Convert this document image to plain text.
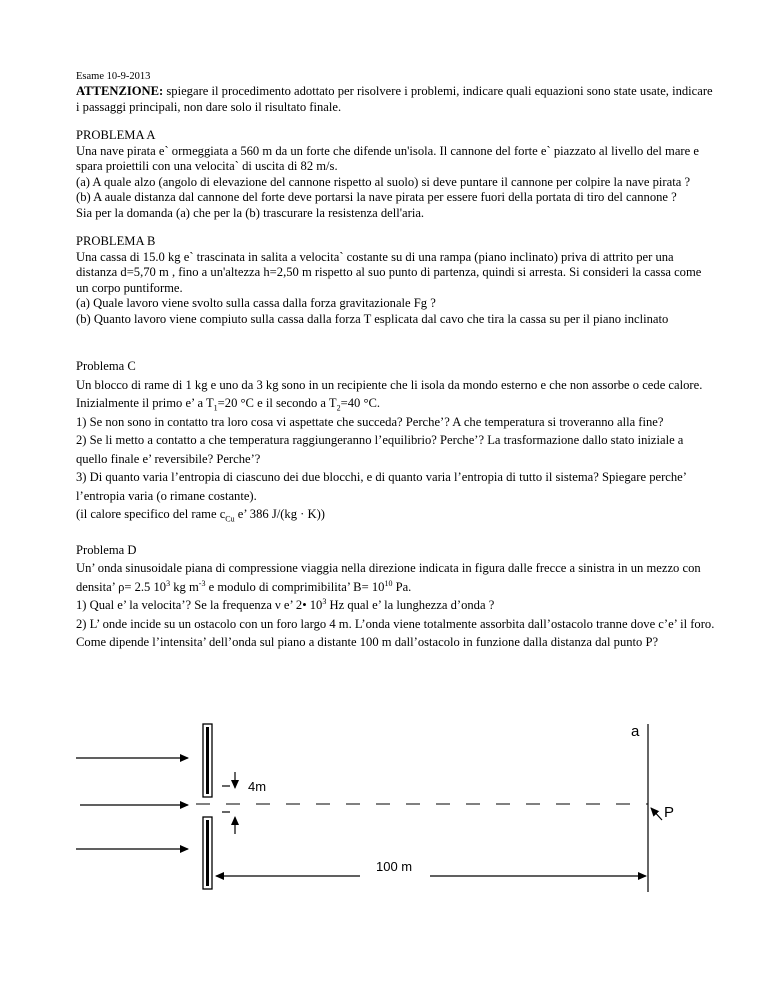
Esame 10-9-2013

ATTENZIONE: spiegare il procedimento adottato per risolvere i problemi, indicare quali equazioni sono state usate, indicare i passaggi principali, non dare solo il risultato finale.

PROBLEMA A

Una nave pirata e` ormeggiata a 560 m da un forte che difende un'isola. Il cannone del forte e` piazzato al livello del mare e spara proiettili con una velocita` di uscita di 82 m/s.

(a) A quale alzo (angolo di elevazione del cannone rispetto al suolo) si deve puntare il cannone per colpire la nave pirata ?

(b) A auale distanza dal cannone del forte deve portarsi la nave pirata per essere fuori della portata di tiro del cannone ?

Sia per la domanda (a) che per la (b) trascurare la resistenza dell'aria.

PROBLEMA B

Una cassa di 15.0 kg e` trascinata in salita a velocita` costante su di una rampa (piano inclinato) priva di attrito per una distanza d=5,70 m , fino a un'altezza h=2,50 m rispetto al suo punto di partenza, quindi si arresta. Si consideri la cassa come un corpo puntiforme.

(a) Quale lavoro viene svolto sulla cassa dalla forza gravitazionale Fg ?

(b) Quanto lavoro viene compiuto sulla cassa dalla forza T esplicata dal cavo che tira la cassa su per il piano inclinato

Problema C

Un blocco di rame di 1 kg e uno da 3 kg sono in un recipiente che li isola da mondo esterno e che non assorbe o cede calore. Inizialmente il primo e’ a $T_1=20$ °C e il secondo a $T_2=40$ °C.

1) Se non sono in contatto tra loro cosa vi aspettate che succeda? Perche’? A che temperatura si troveranno alla fine?

2) Se li metto a contatto a che temperatura raggiungeranno l’equilibrio? Perche’? La trasformazione dallo stato iniziale a quello finale e’ reversibile? Perche’?

3) Di quanto varia l’entropia di ciascuno dei due blocchi, e di quanto varia l’entropia di tutto il sistema? Spiegare perche’ l’entropia varia (o rimane costante).

(il calore specifico del rame $c_{Cu}$ e’ 386 J/(kg · K))

Problema D

Un’ onda sinusoidale piana di compressione viaggia nella direzione indicata in figura dalle frecce a sinistra in un mezzo con densita’ ρ= 2.5 $10^3$ kg $m^{-3}$ e modulo di comprimibilita’ $B= 10^{10}$ Pa.

1) Qual e’ la velocita’? Se la frequenza ν e’ 2• $10^3$ Hz qual e’ la lunghezza d’onda ?

2) L’ onde incide su un ostacolo con un foro largo 4 m. L’onda viene totalmente assorbita dall’ostacolo tranne dove c’e’ il foro. Come dipende l’intensita’ dell’onda sul piano a distante 100 m dall’ostacolo in funzione dalla distanza dal punto P?

4m
a
P
100 m
